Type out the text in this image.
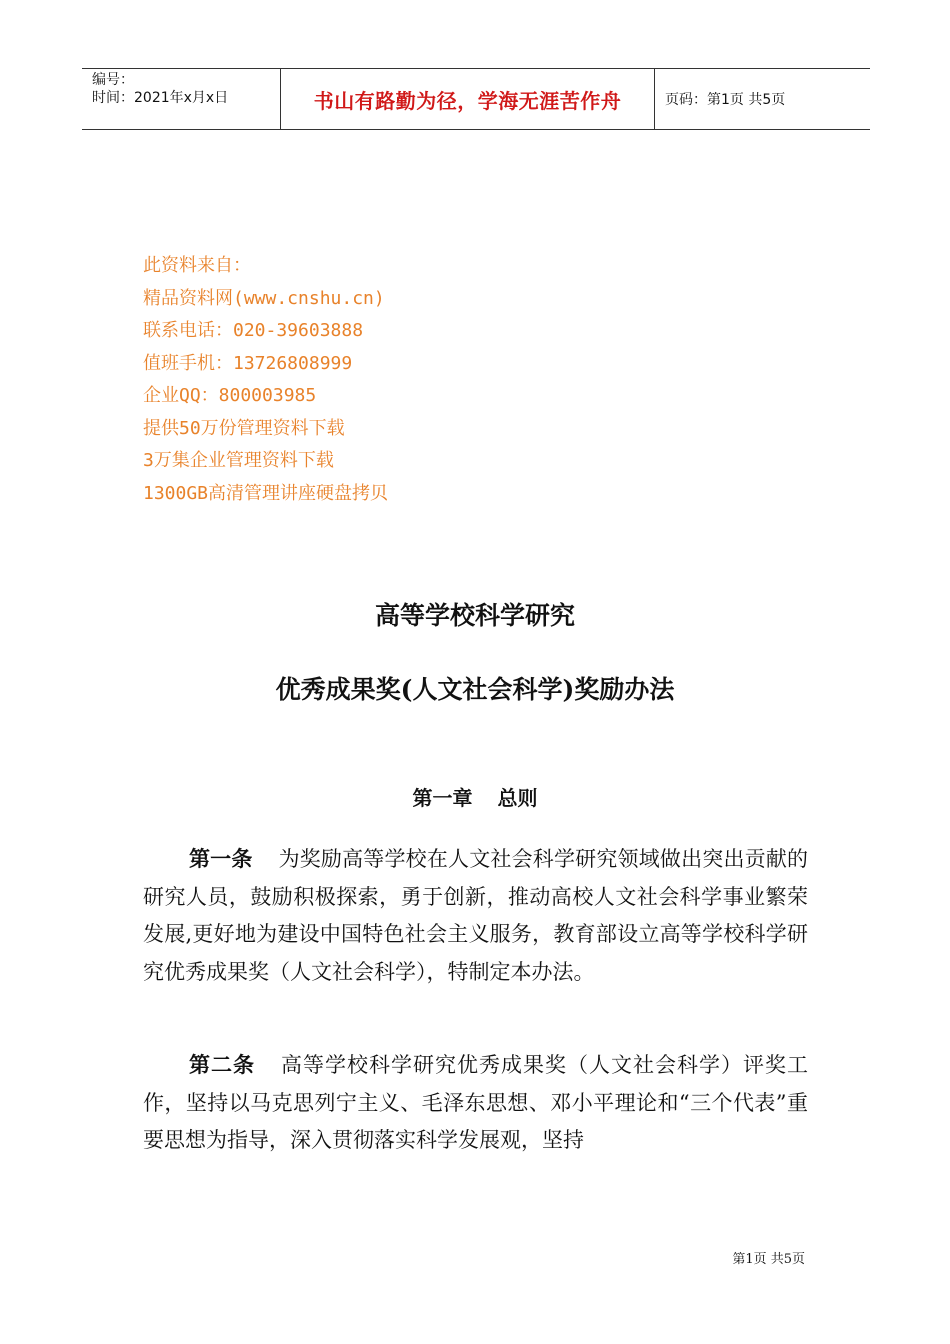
编号：
时间：2021年x月x日	书山有路勤为径，学海无涯苦作舟	页码：第1页 共5页
此资料来自：
精品资料网(www.cnshu.cn)
联系电话：020-39603888
值班手机：13726808999
企业QQ：800003985
提供50万份管理资料下载
3万集企业管理资料下载
1300GB高清管理讲座硬盘拷贝
高等学校科学研究
优秀成果奖(人文社会科学)奖励办法
第一章 总则
第一条 为奖励高等学校在人文社会科学研究领域做出突出贡献的研究人员，鼓励积极探索，勇于创新，推动高校人文社会科学事业繁荣发展,更好地为建设中国特色社会主义服务，教育部设立高等学校科学研究优秀成果奖（人文社会科学），特制定本办法。
第二条 高等学校科学研究优秀成果奖（人文社会科学）评奖工作，坚持以马克思列宁主义、毛泽东思想、邓小平理论和“三个代表”重要思想为指导，深入贯彻落实科学发展观，坚持
第1页 共5页
